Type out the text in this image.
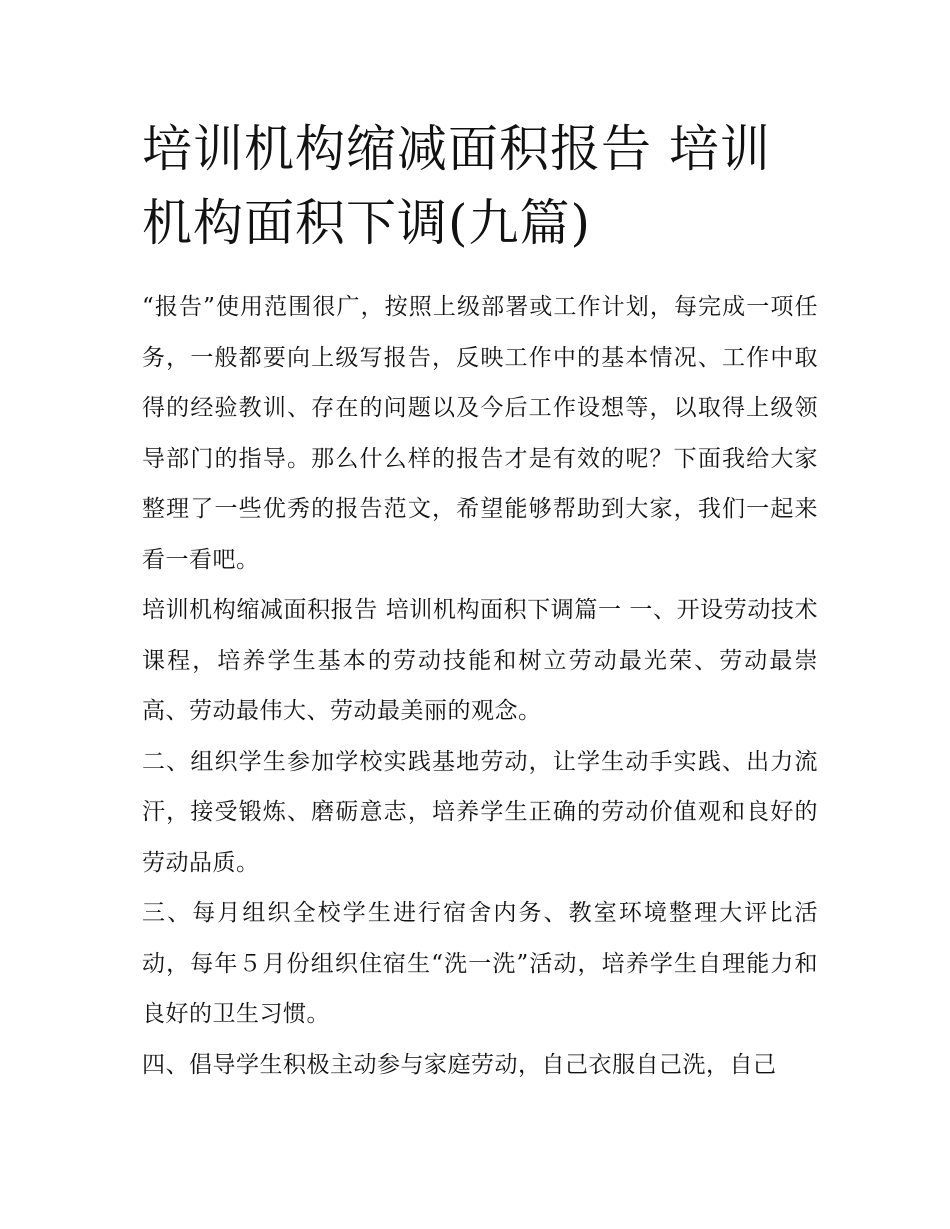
培训机构缩减面积报告 培训机构面积下调(九篇)

“报告”使用范围很广，按照上级部署或工作计划，每完成一项任务，一般都要向上级写报告，反映工作中的基本情况、工作中取得的经验教训、存在的问题以及今后工作设想等，以取得上级领导部门的指导。那么什么样的报告才是有效的呢？下面我给大家整理了一些优秀的报告范文，希望能够帮助到大家，我们一起来看一看吧。

培训机构缩减面积报告 培训机构面积下调篇一 一、开设劳动技术课程，培养学生基本的劳动技能和树立劳动最光荣、劳动最崇高、劳动最伟大、劳动最美丽的观念。

二、组织学生参加学校实践基地劳动，让学生动手实践、出力流汗，接受锻炼、磨砺意志，培养学生正确的劳动价值观和良好的劳动品质。

三、每月组织全校学生进行宿舍内务、教室环境整理大评比活动，每年５月份组织住宿生“洗一洗”活动，培养学生自理能力和良好的卫生习惯。

四、倡导学生积极主动参与家庭劳动，自己衣服自己洗，自己
